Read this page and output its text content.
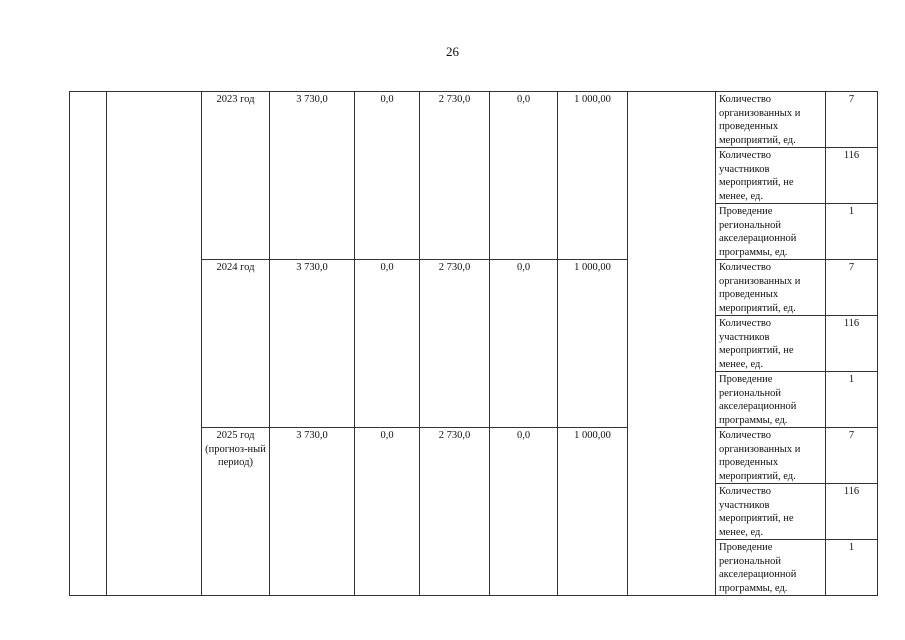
26
		2023 год	3 730,0	0,0	2 730,0	0,0	1 000,00		Количество организованных и проведенных мероприятий, ед.	7
									Количество участников мероприятий, не менее, ед.	116
									Проведение региональной акселерационной программы, ед.	1
		2024 год	3 730,0	0,0	2 730,0	0,0	1 000,00		Количество организованных и проведенных мероприятий, ед.	7
									Количество участников мероприятий, не менее, ед.	116
									Проведение региональной акселерационной программы, ед.	1
		2025 год (прогноз-ный период)	3 730,0	0,0	2 730,0	0,0	1 000,00		Количество организованных и проведенных мероприятий, ед.	7
									Количество участников мероприятий, не менее, ед.	116
									Проведение региональной акселерационной программы, ед.	1
